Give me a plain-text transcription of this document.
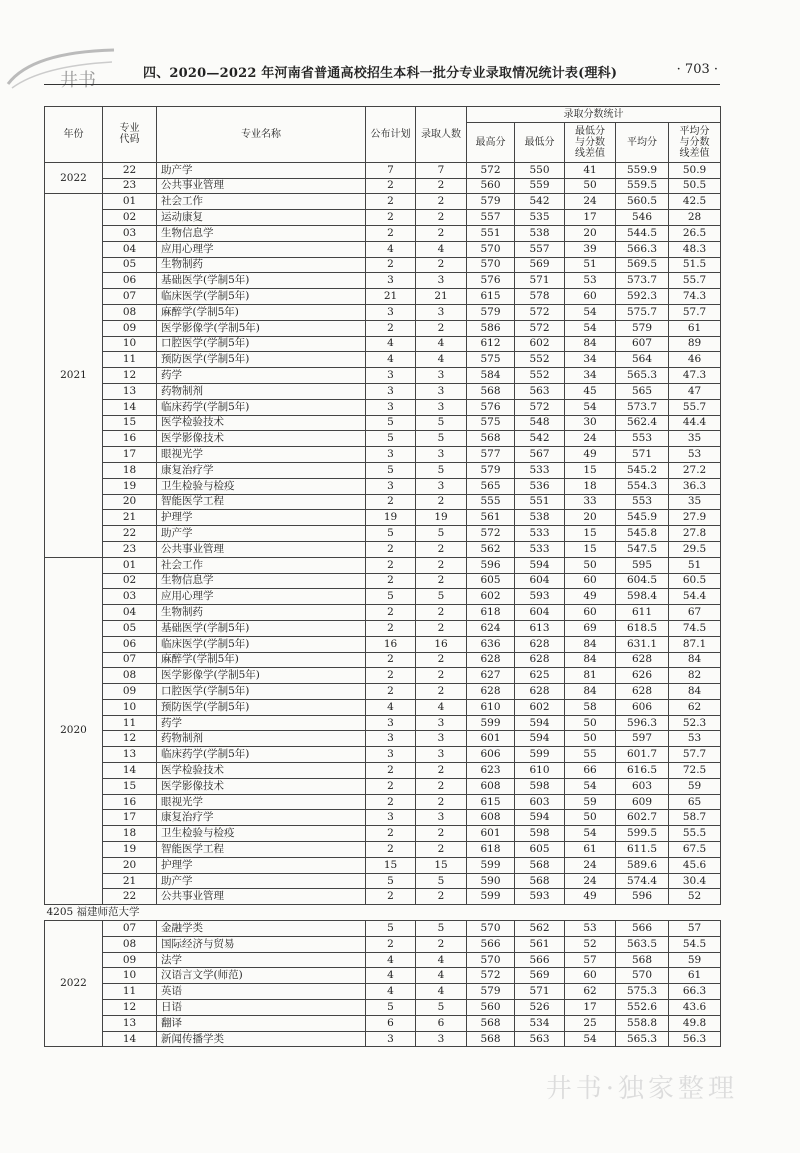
井书	四、2020—2022 年河南省普通高校招生本科一批分专业录取情况统计表(理科)	· 703 ·
年份	专业代码	专业名称	公布计划	录取人数	录取分数统计				
					最高分	最低分	最低分与分数线差值	平均分	平均分与分数线差值
2022	22	助产学	7	7	572	550	41	559.9	50.9
	23	公共事业管理	2	2	560	559	50	559.5	50.5
2021	01	社会工作	2	2	579	542	24	560.5	42.5
	02	运动康复	2	2	557	535	17	546	28
	03	生物信息学	2	2	551	538	20	544.5	26.5
	04	应用心理学	4	4	570	557	39	566.3	48.3
	05	生物制药	2	2	570	569	51	569.5	51.5
	06	基础医学(学制5年)	3	3	576	571	53	573.7	55.7
	07	临床医学(学制5年)	21	21	615	578	60	592.3	74.3
	08	麻醉学(学制5年)	3	3	579	572	54	575.7	57.7
	09	医学影像学(学制5年)	2	2	586	572	54	579	61
	10	口腔医学(学制5年)	4	4	612	602	84	607	89
	11	预防医学(学制5年)	4	4	575	552	34	564	46
	12	药学	3	3	584	552	34	565.3	47.3
	13	药物制剂	3	3	568	563	45	565	47
	14	临床药学(学制5年)	3	3	576	572	54	573.7	55.7
	15	医学检验技术	5	5	575	548	30	562.4	44.4
	16	医学影像技术	5	5	568	542	24	553	35
	17	眼视光学	3	3	577	567	49	571	53
	18	康复治疗学	5	5	579	533	15	545.2	27.2
	19	卫生检验与检疫	3	3	565	536	18	554.3	36.3
	20	智能医学工程	2	2	555	551	33	553	35
	21	护理学	19	19	561	538	20	545.9	27.9
	22	助产学	5	5	572	533	15	545.8	27.8
	23	公共事业管理	2	2	562	533	15	547.5	29.5
2020	01	社会工作	2	2	596	594	50	595	51
	02	生物信息学	2	2	605	604	60	604.5	60.5
	03	应用心理学	5	5	602	593	49	598.4	54.4
	04	生物制药	2	2	618	604	60	611	67
	05	基础医学(学制5年)	2	2	624	613	69	618.5	74.5
	06	临床医学(学制5年)	16	16	636	628	84	631.1	87.1
	07	麻醉学(学制5年)	2	2	628	628	84	628	84
	08	医学影像学(学制5年)	2	2	627	625	81	626	82
	09	口腔医学(学制5年)	2	2	628	628	84	628	84
	10	预防医学(学制5年)	4	4	610	602	58	606	62
	11	药学	3	3	599	594	50	596.3	52.3
	12	药物制剂	3	3	601	594	50	597	53
	13	临床药学(学制5年)	3	3	606	599	55	601.7	57.7
	14	医学检验技术	2	2	623	610	66	616.5	72.5
	15	医学影像技术	2	2	608	598	54	603	59
	16	眼视光学	2	2	615	603	59	609	65
	17	康复治疗学	3	3	608	594	50	602.7	58.7
	18	卫生检验与检疫	2	2	601	598	54	599.5	55.5
	19	智能医学工程	2	2	618	605	61	611.5	67.5
	20	护理学	15	15	599	568	24	589.6	45.6
	21	助产学	5	5	590	568	24	574.4	30.4
	22	公共事业管理	2	2	599	593	49	596	52
4205 福建师范大学									
2022	07	金融学类	5	5	570	562	53	566	57
	08	国际经济与贸易	2	2	566	561	52	563.5	54.5
	09	法学	4	4	570	566	57	568	59
	10	汉语言文学(师范)	4	4	572	569	60	570	61
	11	英语	4	4	579	571	62	575.3	66.3
	12	日语	5	5	560	526	17	552.6	43.6
	13	翻译	6	6	568	534	25	558.8	49.8
	14	新闻传播学类	3	3	568	563	54	565.3	56.3
井书·独家整理
